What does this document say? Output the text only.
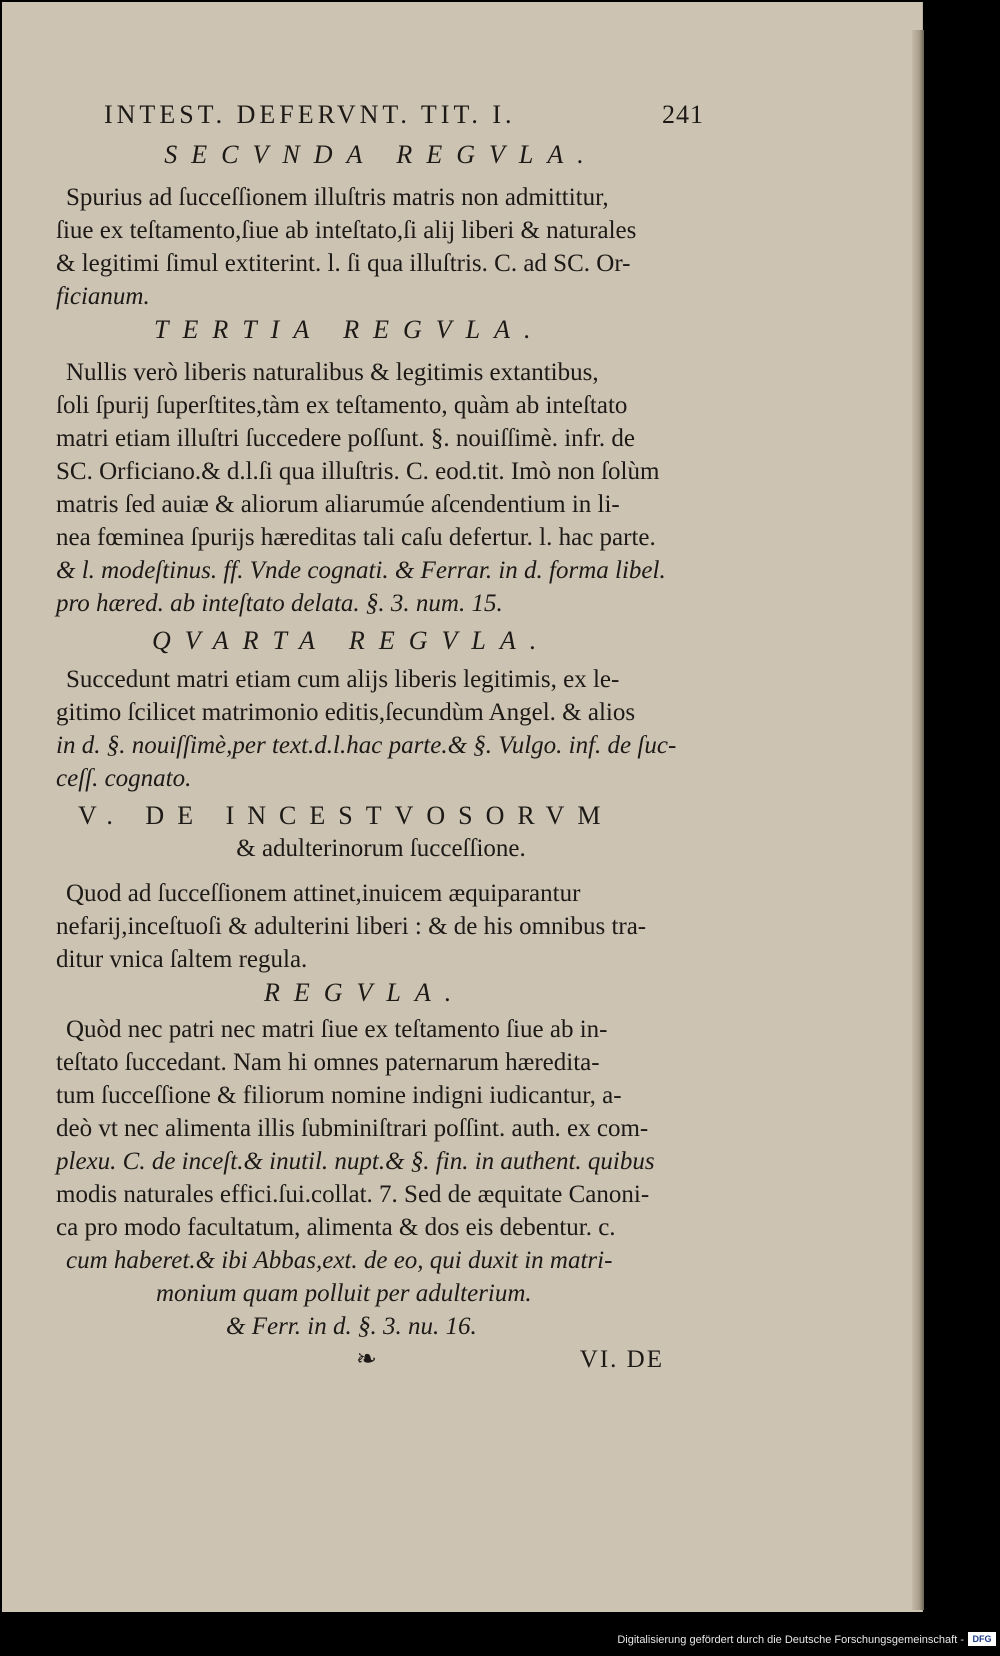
INTEST. DEFERVNT. TIT. I.	241
SECVNDA REGVLA.
Spurius ad ſucceſſionem illuſtris matris non admittitur,
ſiue ex teſtamento,ſiue ab inteſtato,ſi alij liberi & naturales
& legitimi ſimul extiterint. l. ſi qua illuſtris. C. ad SC. Or-
ficianum.
TERTIA REGVLA.
Nullis verò liberis naturalibus & legitimis extantibus,
ſoli ſpurij ſuperſtites,tàm ex teſtamento, quàm ab inteſtato
matri etiam illuſtri ſuccedere poſſunt. §. nouiſſimè. infr. de
SC. Orficiano.& d.l.ſi qua illuſtris. C. eod.tit. Imò non ſolùm
matris ſed auiæ & aliorum aliarumúe aſcendentium in li-
nea fœminea ſpurijs hæreditas tali caſu defertur. l. hac parte.
& l. modeſtinus. ff. Vnde cognati. & Ferrar. in d. forma libel.
pro hæred. ab inteſtato delata. §. 3. num. 15.
QVARTA REGVLA.
Succedunt matri etiam cum alijs liberis legitimis, ex le-
gitimo ſcilicet matrimonio editis,ſecundùm Angel. & alios
in d. §. nouiſſimè,per text.d.l.hac parte.& §. Vulgo. inf. de ſuc-
ceſſ. cognato.
V. DE INCESTVOSORVM
& adulterinorum ſucceſſione.
Quod ad ſucceſſionem attinet,inuicem æquiparantur
nefarij,inceſtuoſi & adulterini liberi : & de his omnibus tra-
ditur vnica ſaltem regula.
REGVLA.
Quòd nec patri nec matri ſiue ex teſtamento ſiue ab in-
teſtato ſuccedant. Nam hi omnes paternarum hæredita-
tum ſucceſſione & filiorum nomine indigni iudicantur, a-
deò vt nec alimenta illis ſubminiſtrari poſſint. auth. ex com-
plexu. C. de inceſt.& inutil. nupt.& §. fin. in authent. quibus
modis naturales effici.ſui.collat. 7. Sed de æquitate Canoni-
ca pro modo facultatum, alimenta & dos eis debentur. c.
cum haberet.& ibi Abbas,ext. de eo, qui duxit in matri-
monium quam polluit per adulterium.
& Ferr. in d. §. 3. nu. 16.
❧	VI. DE
Digitalisierung gefördert durch die Deutsche Forschungsgemeinschaft - DFG
